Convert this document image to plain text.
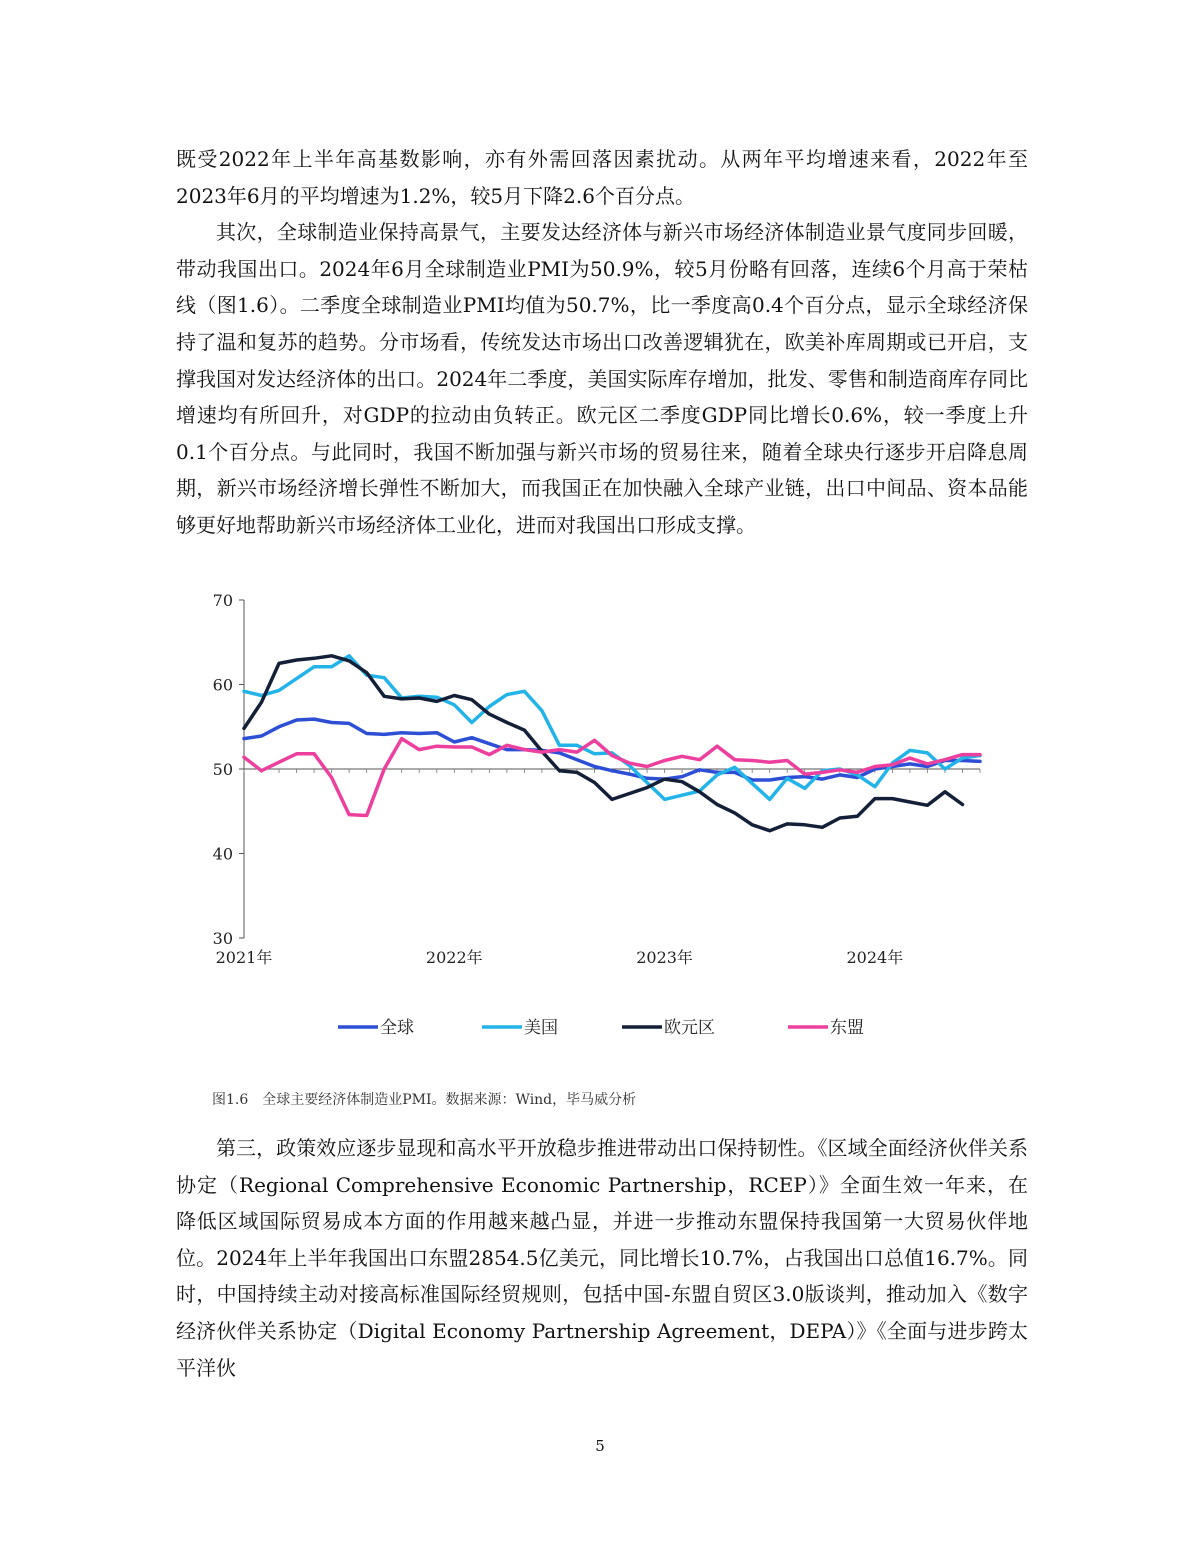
既受2022年上半年高基数影响，亦有外需回落因素扰动。从两年平均增速来看，2022年至2023年6月的平均增速为1.2%，较5月下降2.6个百分点。

其次，全球制造业保持高景气，主要发达经济体与新兴市场经济体制造业景气度同步回暖，带动我国出口。2024年6月全球制造业PMI为50.9%，较5月份略有回落，连续6个月高于荣枯线（图1.6）。二季度全球制造业PMI均值为50.7%，比一季度高0.4个百分点，显示全球经济保持了温和复苏的趋势。分市场看，传统发达市场出口改善逻辑犹在，欧美补库周期或已开启，支撑我国对发达经济体的出口。2024年二季度，美国实际库存增加，批发、零售和制造商库存同比增速均有所回升，对GDP的拉动由负转正。欧元区二季度GDP同比增长0.6%，较一季度上升0.1个百分点。与此同时，我国不断加强与新兴市场的贸易往来，随着全球央行逐步开启降息周期，新兴市场经济增长弹性不断加大，而我国正在加快融入全球产业链，出口中间品、资本品能够更好地帮助新兴市场经济体工业化，进而对我国出口形成支撑。

30
40
50
60
70
2021年	2022年	2023年	2024年
全球	美国	欧元区	东盟
图1.6　全球主要经济体制造业PMI。数据来源：Wind，毕马威分析

第三，政策效应逐步显现和高水平开放稳步推进带动出口保持韧性。《区域全面经济伙伴关系协定（Regional Comprehensive Economic Partnership，RCEP）》全面生效一年来，在降低区域国际贸易成本方面的作用越来越凸显，并进一步推动东盟保持我国第一大贸易伙伴地位。2024年上半年我国出口东盟2854.5亿美元，同比增长10.7%，占我国出口总值16.7%。同时，中国持续主动对接高标准国际经贸规则，包括中国-东盟自贸区3.0版谈判，推动加入《数字经济伙伴关系协定（Digital Economy Partnership Agreement，DEPA）》《全面与进步跨太平洋伙

5
